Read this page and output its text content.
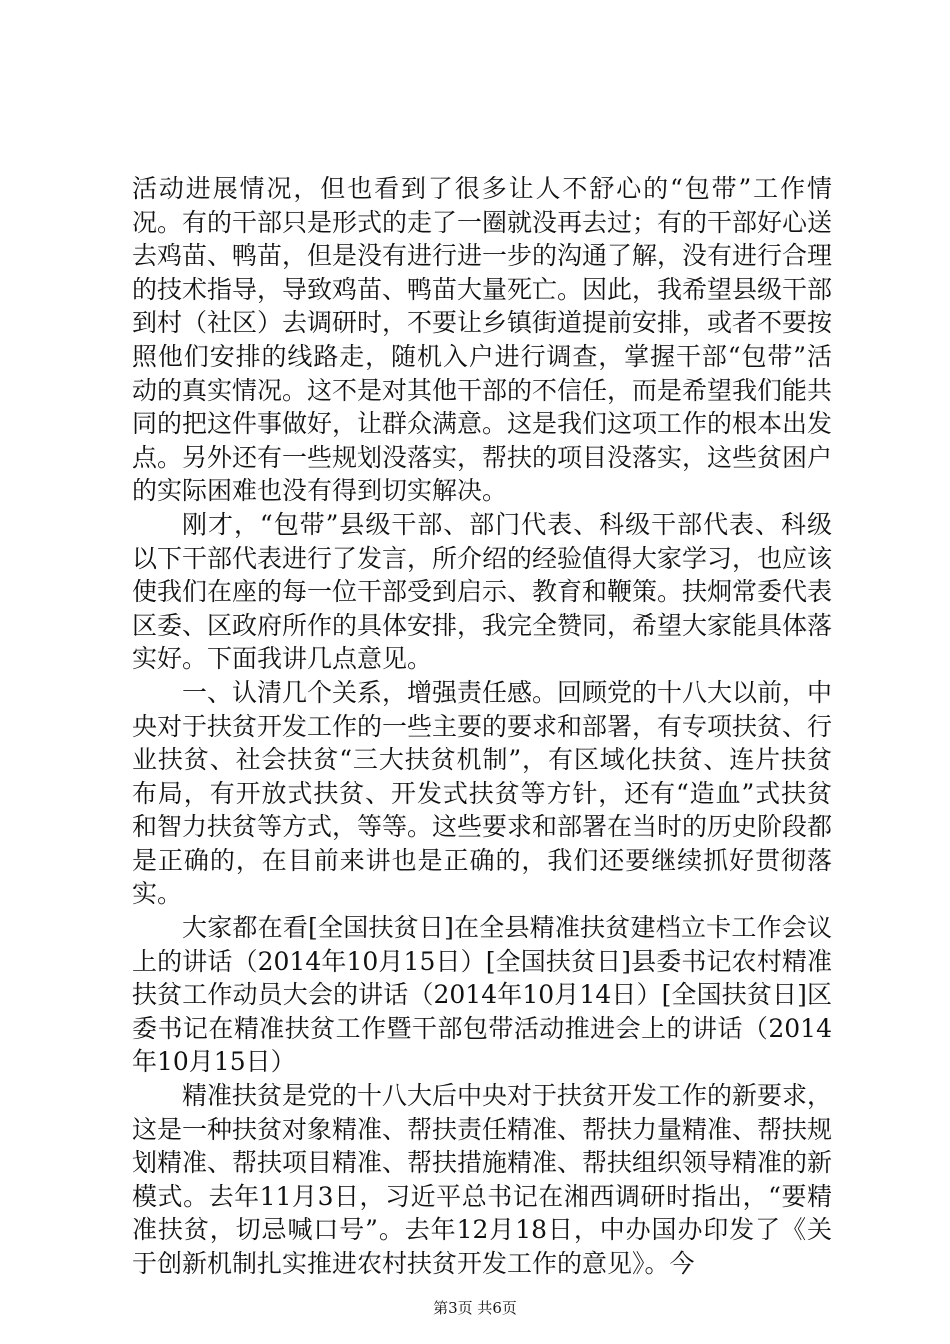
活动进展情况，但也看到了很多让人不舒心的“包带”工作情况。有的干部只是形式的走了一圈就没再去过；有的干部好心送去鸡苗、鸭苗，但是没有进行进一步的沟通了解，没有进行合理的技术指导，导致鸡苗、鸭苗大量死亡。因此，我希望县级干部到村（社区）去调研时，不要让乡镇街道提前安排，或者不要按照他们安排的线路走，随机入户进行调查，掌握干部“包带”活动的真实情况。这不是对其他干部的不信任，而是希望我们能共同的把这件事做好，让群众满意。这是我们这项工作的根本出发点。另外还有一些规划没落实，帮扶的项目没落实，这些贫困户的实际困难也没有得到切实解决。

刚才，“包带”县级干部、部门代表、科级干部代表、科级以下干部代表进行了发言，所介绍的经验值得大家学习，也应该使我们在座的每一位干部受到启示、教育和鞭策。扶炯常委代表区委、区政府所作的具体安排，我完全赞同，希望大家能具体落实好。下面我讲几点意见。

一、认清几个关系，增强责任感。回顾党的十八大以前，中央对于扶贫开发工作的一些主要的要求和部署，有专项扶贫、行业扶贫、社会扶贫“三大扶贫机制”，有区域化扶贫、连片扶贫布局，有开放式扶贫、开发式扶贫等方针，还有“造血”式扶贫和智力扶贫等方式，等等。这些要求和部署在当时的历史阶段都是正确的，在目前来讲也是正确的，我们还要继续抓好贯彻落实。

大家都在看[全国扶贫日]在全县精准扶贫建档立卡工作会议上的讲话（2014年10月15日）[全国扶贫日]县委书记农村精准扶贫工作动员大会的讲话（2014年10月14日）[全国扶贫日]区委书记在精准扶贫工作暨干部包带活动推进会上的讲话（2014年10月15日）

精准扶贫是党的十八大后中央对于扶贫开发工作的新要求，这是一种扶贫对象精准、帮扶责任精准、帮扶力量精准、帮扶规划精准、帮扶项目精准、帮扶措施精准、帮扶组织领导精准的新模式。去年11月3日，习近平总书记在湘西调研时指出，“要精准扶贫，切忌喊口号”。去年12月18日，中办国办印发了《关于创新机制扎实推进农村扶贫开发工作的意见》。今

第3页 共6页
